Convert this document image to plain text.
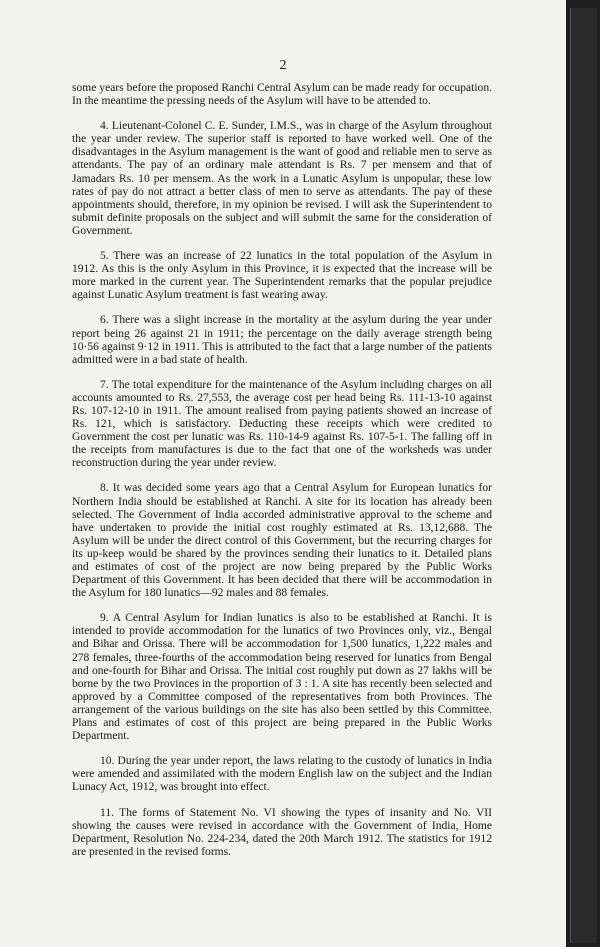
2

some years before the proposed Ranchi Central Asylum can be made ready for occupation. In the meantime the pressing needs of the Asylum will have to be attended to.

4. Lieutenant-Colonel C. E. Sunder, I.M.S., was in charge of the Asylum throughout the year under review. The superior staff is reported to have worked well. One of the disadvantages in the Asylum management is the want of good and reliable men to serve as attendants. The pay of an ordinary male attendant is Rs. 7 per mensem and that of Jamadars Rs. 10 per mensem. As the work in a Lunatic Asylum is unpopular, these low rates of pay do not attract a better class of men to serve as attendants. The pay of these appointments should, therefore, in my opinion be revised. I will ask the Superintendent to submit definite proposals on the subject and will submit the same for the consideration of Government.

5. There was an increase of 22 lunatics in the total population of the Asylum in 1912. As this is the only Asylum in this Province, it is expected that the increase will be more marked in the current year. The Superintendent remarks that the popular prejudice against Lunatic Asylum treatment is fast wearing away.

6. There was a slight increase in the mortality at the asylum during the year under report being 26 against 21 in 1911; the percentage on the daily average strength being 10·56 against 9·12 in 1911. This is attributed to the fact that a large number of the patients admitted were in a bad state of health.

7. The total expenditure for the maintenance of the Asylum including charges on all accounts amounted to Rs. 27,553, the average cost per head being Rs. 111-13-10 against Rs. 107-12-10 in 1911. The amount realised from paying patients showed an increase of Rs. 121, which is satisfactory. Deducting these receipts which were credited to Government the cost per lunatic was Rs. 110-14-9 against Rs. 107-5-1. The falling off in the receipts from manufactures is due to the fact that one of the worksheds was under reconstruction during the year under review.

8. It was decided some years ago that a Central Asylum for European lunatics for Northern India should be established at Ranchi. A site for its location has already been selected. The Government of India accorded administrative approval to the scheme and have undertaken to provide the initial cost roughly estimated at Rs. 13,12,688. The Asylum will be under the direct control of this Government, but the recurring charges for its up-keep would be shared by the provinces sending their lunatics to it. Detailed plans and estimates of cost of the project are now being prepared by the Public Works Department of this Government. It has been decided that there will be accommodation in the Asylum for 180 lunatics—92 males and 88 females.

9. A Central Asylum for Indian lunatics is also to be established at Ranchi. It is intended to provide accommodation for the lunatics of two Provinces only, viz., Bengal and Bihar and Orissa. There will be accommodation for 1,500 lunatics, 1,222 males and 278 females, three-fourths of the accommodation being reserved for lunatics from Bengal and one-fourth for Bihar and Orissa. The initial cost roughly put down as 27 lakhs will be borne by the two Provinces in the proportion of 3 : 1. A site has recently been selected and approved by a Committee composed of the representatives from both Provinces. The arrangement of the various buildings on the site has also been settled by this Committee. Plans and estimates of cost of this project are being prepared in the Public Works Department.

10. During the year under report, the laws relating to the custody of lunatics in India were amended and assimilated with the modern English law on the subject and the Indian Lunacy Act, 1912, was brought into effect.

11. The forms of Statement No. VI showing the types of insanity and No. VII showing the causes were revised in accordance with the Government of India, Home Department, Resolution No. 224-234, dated the 20th March 1912. The statistics for 1912 are presented in the revised forms.
